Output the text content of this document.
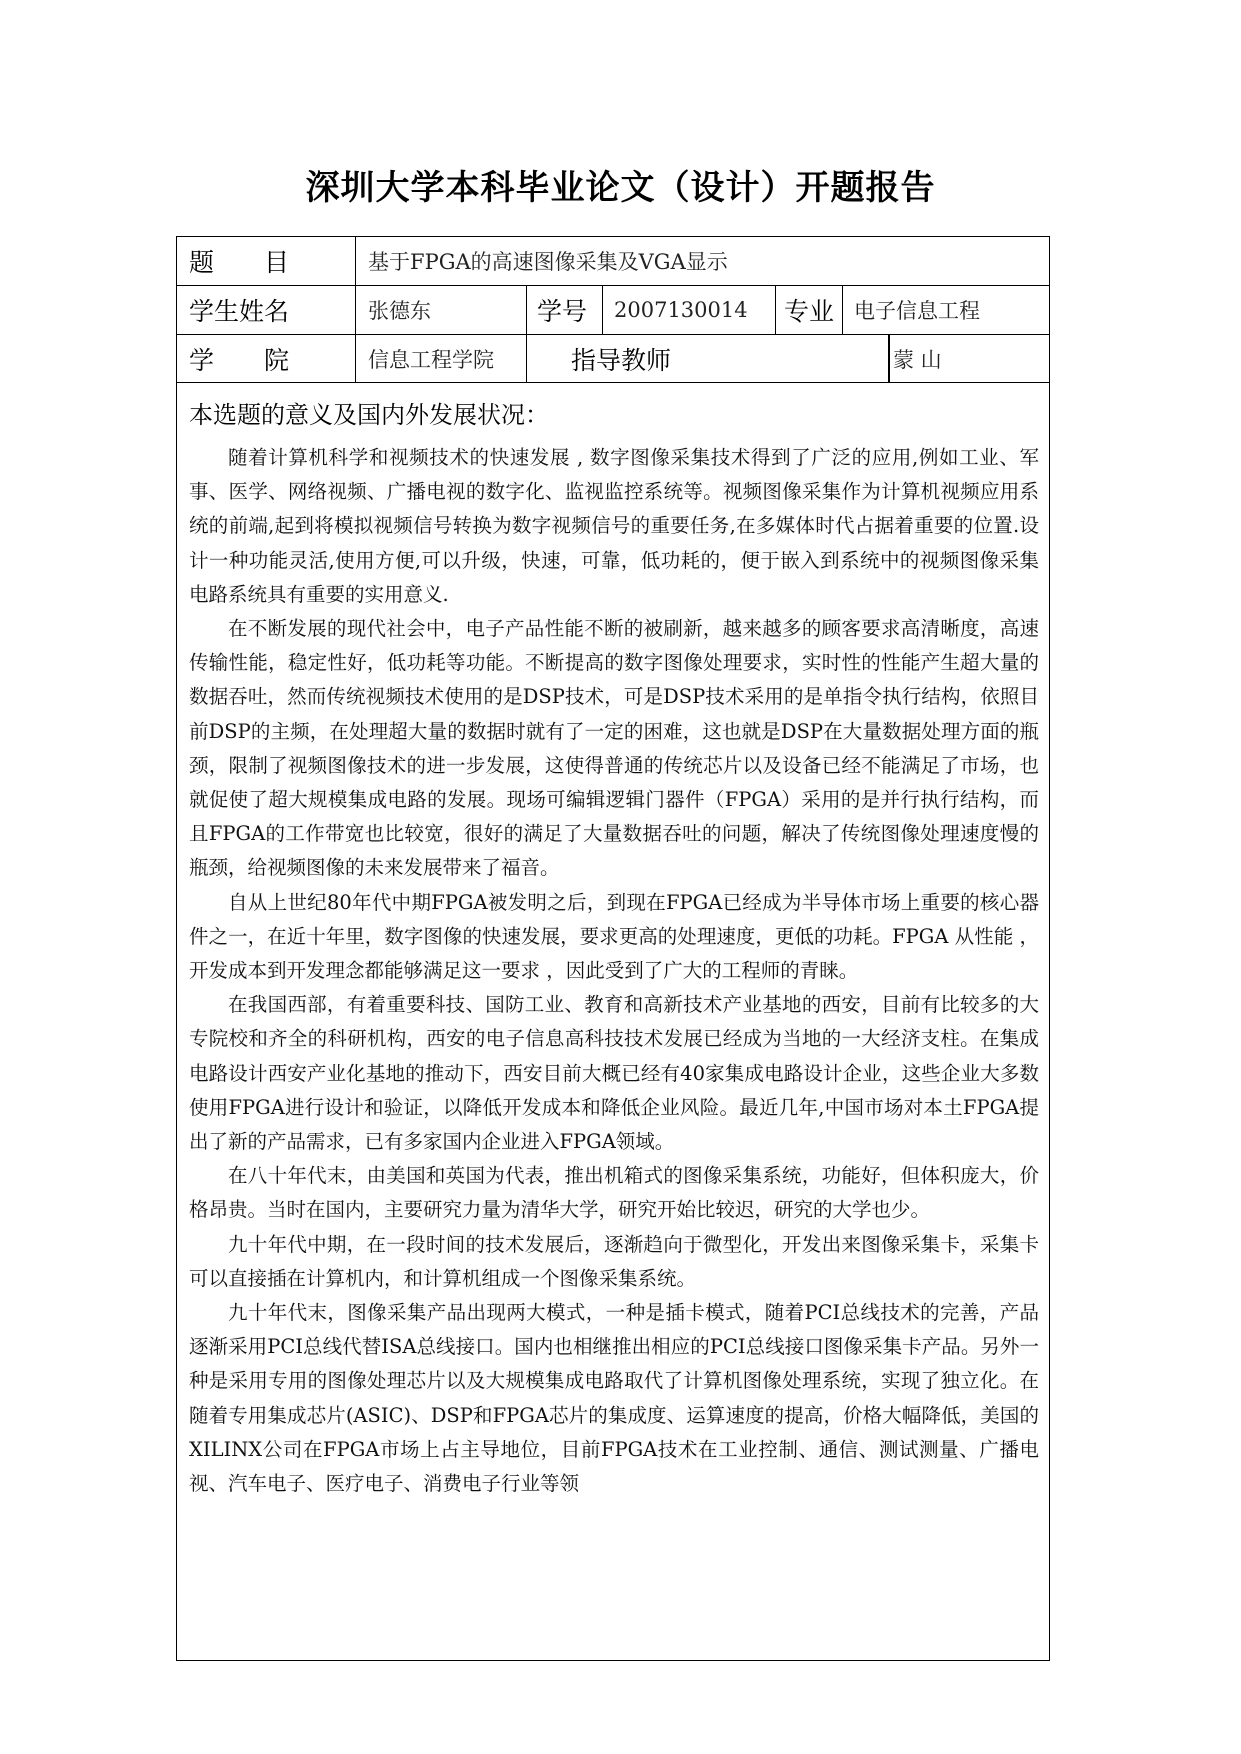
深圳大学本科毕业论文（设计）开题报告
题　　目	基于FPGA的高速图像采集及VGA显示
学生姓名	张德东	学号 2007130014 专业 电子信息工程
学　　院	信息工程学院	指导教师	蒙 山
本选题的意义及国内外发展状况：

随着计算机科学和视频技术的快速发展 , 数字图像采集技术得到了广泛的应用,例如工业、军事、医学、网络视频、广播电视的数字化、监视监控系统等。视频图像采集作为计算机视频应用系统的前端,起到将模拟视频信号转换为数字视频信号的重要任务,在多媒体时代占据着重要的位置.设计一种功能灵活,使用方便,可以升级，快速，可靠，低功耗的，便于嵌入到系统中的视频图像采集电路系统具有重要的实用意义.

在不断发展的现代社会中，电子产品性能不断的被刷新，越来越多的顾客要求高清晰度，高速传输性能，稳定性好，低功耗等功能。不断提高的数字图像处理要求，实时性的性能产生超大量的数据吞吐，然而传统视频技术使用的是DSP技术，可是DSP技术采用的是单指令执行结构，依照目前DSP的主频，在处理超大量的数据时就有了一定的困难，这也就是DSP在大量数据处理方面的瓶颈，限制了视频图像技术的进一步发展，这使得普通的传统芯片以及设备已经不能满足了市场，也就促使了超大规模集成电路的发展。现场可编辑逻辑门器件（FPGA）采用的是并行执行结构，而且FPGA的工作带宽也比较宽，很好的满足了大量数据吞吐的问题，解决了传统图像处理速度慢的瓶颈，给视频图像的未来发展带来了福音。

自从上世纪80年代中期FPGA被发明之后，到现在FPGA已经成为半导体市场上重要的核心器件之一，在近十年里，数字图像的快速发展，要求更高的处理速度，更低的功耗。FPGA 从性能 ，开发成本到开发理念都能够满足这一要求 ，因此受到了广大的工程师的青睐。

在我国西部，有着重要科技、国防工业、教育和高新技术产业基地的西安，目前有比较多的大专院校和齐全的科研机构，西安的电子信息高科技技术发展已经成为当地的一大经济支柱。在集成电路设计西安产业化基地的推动下，西安目前大概已经有40家集成电路设计企业，这些企业大多数使用FPGA进行设计和验证，以降低开发成本和降低企业风险。最近几年,中国市场对本土FPGA提出了新的产品需求，已有多家国内企业进入FPGA领域。

在八十年代末，由美国和英国为代表，推出机箱式的图像采集系统，功能好，但体积庞大，价格昂贵。当时在国内，主要研究力量为清华大学，研究开始比较迟，研究的大学也少。

九十年代中期，在一段时间的技术发展后，逐渐趋向于微型化，开发出来图像采集卡，采集卡可以直接插在计算机内，和计算机组成一个图像采集系统。

九十年代末，图像采集产品出现两大模式，一种是插卡模式，随着PCI总线技术的完善，产品逐渐采用PCI总线代替ISA总线接口。国内也相继推出相应的PCI总线接口图像采集卡产品。另外一种是采用专用的图像处理芯片以及大规模集成电路取代了计算机图像处理系统，实现了独立化。在随着专用集成芯片(ASIC)、DSP和FPGA芯片的集成度、运算速度的提高，价格大幅降低，美国的XILINX公司在FPGA市场上占主导地位，目前FPGA技术在工业控制、通信、测试测量、广播电视、汽车电子、医疗电子、消费电子行业等领
